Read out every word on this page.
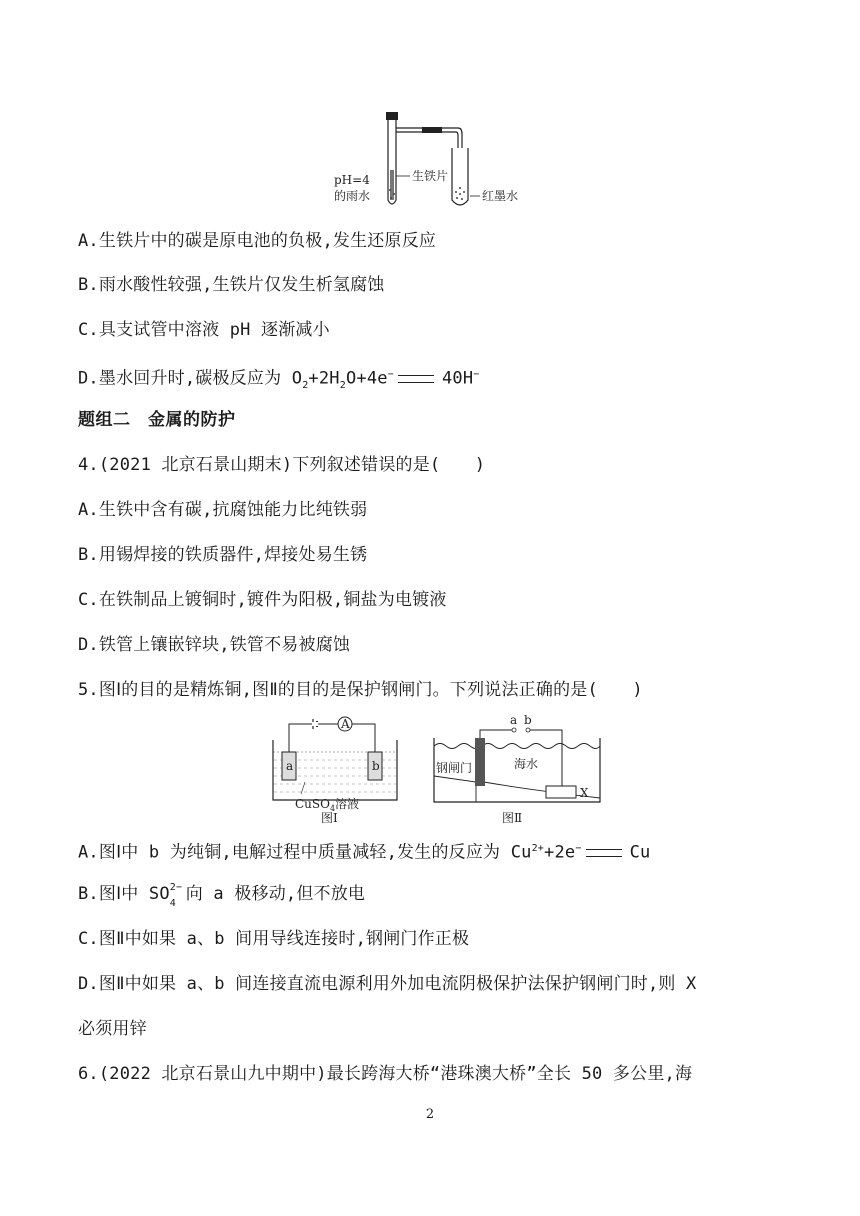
pH=4
的雨水
生铁片
红墨水
A.生铁片中的碳是原电池的负极,发生还原反应
B.雨水酸性较强,生铁片仅发生析氢腐蚀
C.具支试管中溶液 pH 逐渐减小
D.墨水回升时,碳极反应为 $O_2+2H_2O+4e^-$	40H−
题组二　金属的防护
4.(2021 北京石景山期末)下列叙述错误的是(　　)
A.生铁中含有碳,抗腐蚀能力比纯铁弱
B.用锡焊接的铁质器件,焊接处易生锈
C.在铁制品上镀铜时,镀件为阳极,铜盐为电镀液
D.铁管上镶嵌锌块,铁管不易被腐蚀
5.图Ⅰ的目的是精炼铜,图Ⅱ的目的是保护钢闸门。下列说法正确的是(　　)
A
a	b
CuSO$_4$溶液
图Ⅰ
a b
X
钢闸门	海水
图Ⅱ
A.图Ⅰ中 b 为纯铜,电解过程中质量减轻,发生的反应为 $Cu^{2+}+2e^-$	Cu
B.图Ⅰ中 SO 2−
4 向 a 极移动,但不放电
C.图Ⅱ中如果 a、b 间用导线连接时,钢闸门作正极
D.图Ⅱ中如果 a、b 间连接直流电源利用外加电流阴极保护法保护钢闸门时,则 X
必须用锌
6.(2022 北京石景山九中期中)最长跨海大桥“港珠澳大桥”全长 50 多公里,海
2
